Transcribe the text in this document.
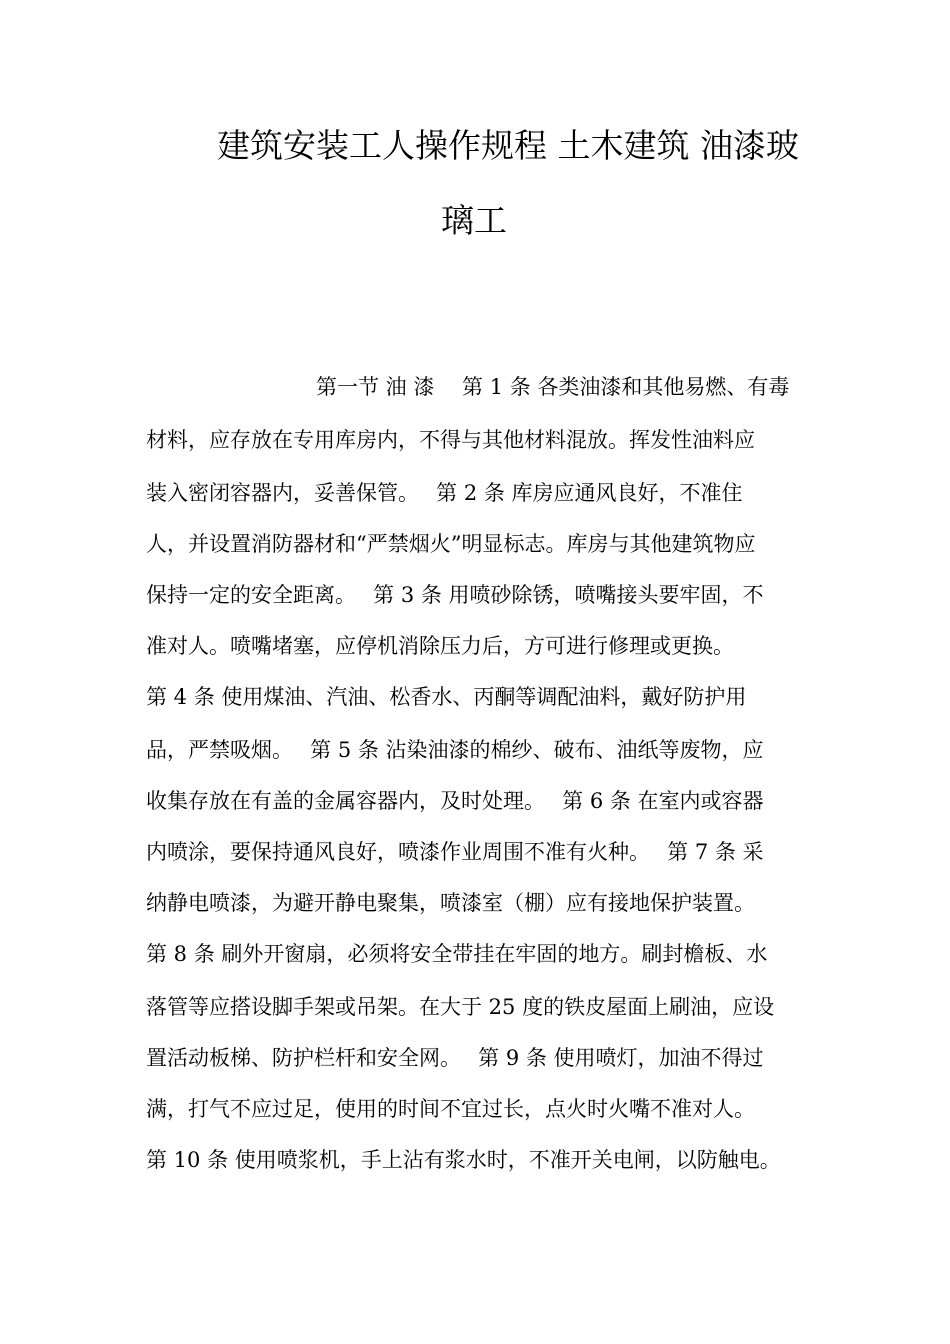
建筑安装工人操作规程 土木建筑 油漆玻
璃工

第一节 油 漆　 第 1 条 各类油漆和其他易燃、有毒

材料，应存放在专用库房内，不得与其他材料混放。挥发性油料应

装入密闭容器内，妥善保管。　 第 2 条 库房应通风良好，不准住

人，并设置消防器材和“严禁烟火”明显标志。库房与其他建筑物应

保持一定的安全距离。　 第 3 条 用喷砂除锈，喷嘴接头要牢固，不

准对人。喷嘴堵塞，应停机消除压力后，方可进行修理或更换。

第 4 条 使用煤油、汽油、松香水、丙酮等调配油料，戴好防护用

品，严禁吸烟。　 第 5 条 沾染油漆的棉纱、破布、油纸等废物，应

收集存放在有盖的金属容器内，及时处理。　 第 6 条 在室内或容器

内喷涂，要保持通风良好，喷漆作业周围不准有火种。　 第 7 条 采

纳静电喷漆，为避开静电聚集，喷漆室（棚）应有接地保护装置。

第 8 条 刷外开窗扇，必须将安全带挂在牢固的地方。刷封檐板、水

落管等应搭设脚手架或吊架。在大于 25 度的铁皮屋面上刷油，应设

置活动板梯、防护栏杆和安全网。　 第 9 条 使用喷灯，加油不得过

满，打气不应过足，使用的时间不宜过长，点火时火嘴不准对人。

第 10 条 使用喷浆机，手上沾有浆水时，不准开关电闸，以防触电。
